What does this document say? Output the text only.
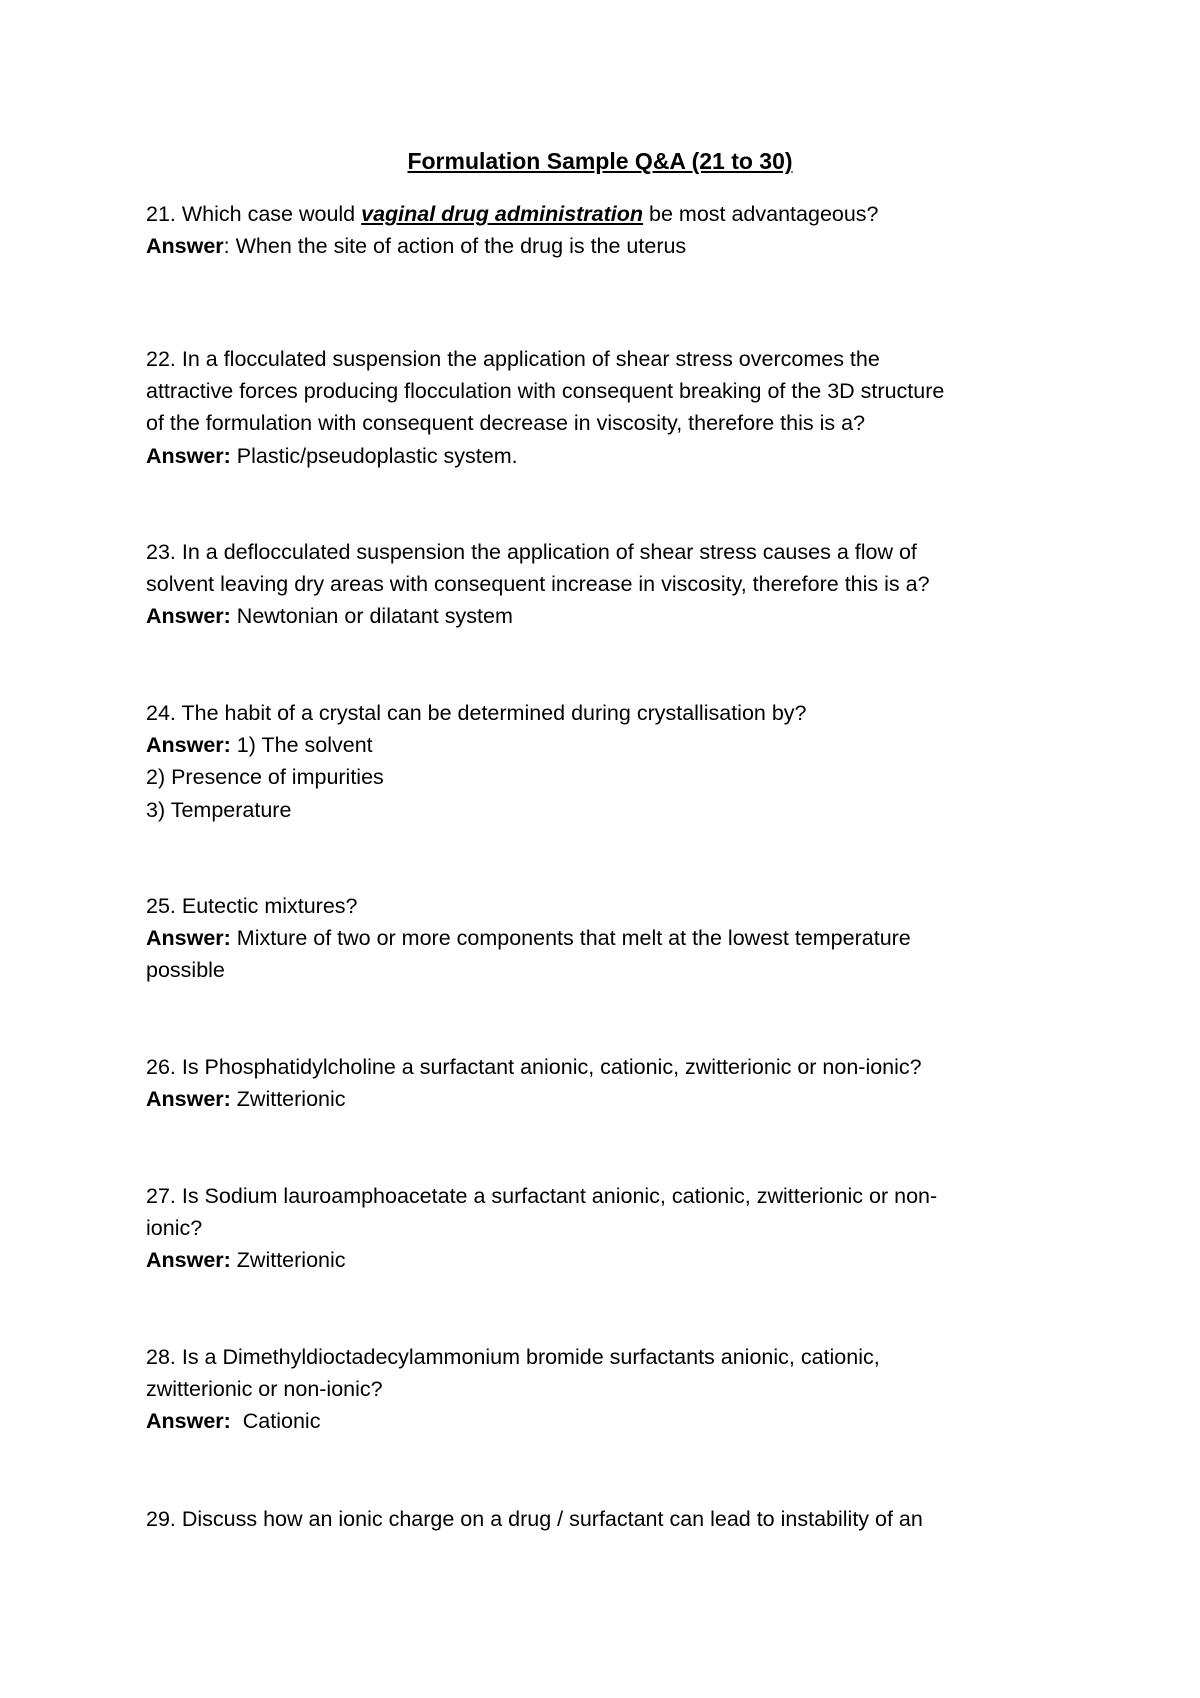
Formulation Sample Q&A (21 to 30)
21. Which case would vaginal drug administration be most advantageous?
Answer: When the site of action of the drug is the uterus
22. In a flocculated suspension the application of shear stress overcomes the
attractive forces producing flocculation with consequent breaking of the 3D structure
of the formulation with consequent decrease in viscosity, therefore this is a?
Answer: Plastic/pseudoplastic system.
23. In a deflocculated suspension the application of shear stress causes a flow of
solvent leaving dry areas with consequent increase in viscosity, therefore this is a?
Answer: Newtonian or dilatant system
24. The habit of a crystal can be determined during crystallisation by?
Answer: 1) The solvent
2) Presence of impurities
3) Temperature
25. Eutectic mixtures?
Answer: Mixture of two or more components that melt at the lowest temperature
possible
26. Is Phosphatidylcholine a surfactant anionic, cationic, zwitterionic or non-ionic?
Answer: Zwitterionic
27. Is Sodium lauroamphoacetate a surfactant anionic, cationic, zwitterionic or non-
ionic?
Answer: Zwitterionic
28. Is a Dimethyldioctadecylammonium bromide surfactants anionic, cationic,
zwitterionic or non-ionic?
Answer:  Cationic
29. Discuss how an ionic charge on a drug / surfactant can lead to instability of an
